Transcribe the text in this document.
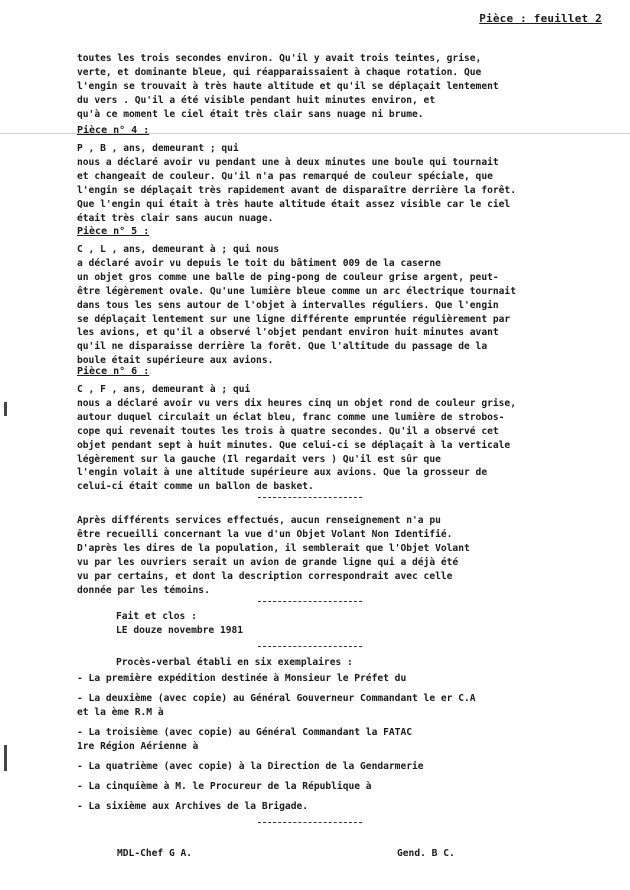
Pièce : feuillet 2

toutes les trois secondes environ. Qu'il y avait trois teintes, grise,
verte, et dominante bleue, qui réapparaissaient à chaque rotation. Que
l'engin se trouvait à très haute altitude et qu'il se déplaçait lentement
du vers . Qu'il a été visible pendant huit minutes environ, et
qu'à ce moment le ciel était très clair sans nuage ni brume.

Pièce n° 4 :

P , B , ans, demeurant ; qui
nous a déclaré avoir vu pendant une à deux minutes une boule qui tournait
et changeait de couleur. Qu'il n'a pas remarqué de couleur spéciale, que
l'engin se déplaçait très rapidement avant de disparaître derrière la forêt.
Que l'engin qui était à très haute altitude était assez visible car le ciel
était très clair sans aucun nuage.

Pièce n° 5 :

C , L , ans, demeurant à ; qui nous
a déclaré avoir vu depuis le toit du bâtiment 009 de la caserne
un objet gros comme une balle de ping-pong de couleur grise argent, peut-
être légèrement ovale. Qu'une lumière bleue comme un arc électrique tournait
dans tous les sens autour de l'objet à intervalles réguliers. Que l'engin
se déplaçait lentement sur une ligne différente empruntée régulièrement par
les avions, et qu'il a observé l'objet pendant environ huit minutes avant
qu'il ne disparaisse derrière la forêt. Que l'altitude du passage de la
boule était supérieure aux avions.

Pièce n° 6 :

C , F , ans, demeurant à ; qui
nous a déclaré avoir vu vers dix heures cinq un objet rond de couleur grise,
autour duquel circulait un éclat bleu, franc comme une lumière de strobos-
cope qui revenait toutes les trois à quatre secondes. Qu'il a observé cet
objet pendant sept à huit minutes. Que celui-ci se déplaçait à la verticale
légèrement sur la gauche (Il regardait vers ) Qu'il est sûr que
l'engin volait à une altitude supérieure aux avions. Que la grosseur de
celui-ci était comme un ballon de basket.

Après différents services effectués, aucun renseignement n'a pu
être recueilli concernant la vue d'un Objet Volant Non Identifié.
D'après les dires de la population, il semblerait que l'Objet Volant
vu par les ouvriers serait un avion de grande ligne qui a déjà été
vu par certains, et dont la description correspondrait avec celle
donnée par les témoins.

Fait et clos :
LE douze novembre 1981
Procès-verbal établi en six exemplaires :
- La première expédition destinée à Monsieur le Préfet du
- La deuxième (avec copie) au Général Gouverneur Commandant le er C.A
et la ème R.M à
- La troisième (avec copie) au Général Commandant la FATAC
1re Région Aérienne à
- La quatrième (avec copie) à la Direction de la Gendarmerie
- La cinquième à M. le Procureur de la République à
- La sixième aux Archives de la Brigade.
MDL-Chef G A.	Gend. B C.
